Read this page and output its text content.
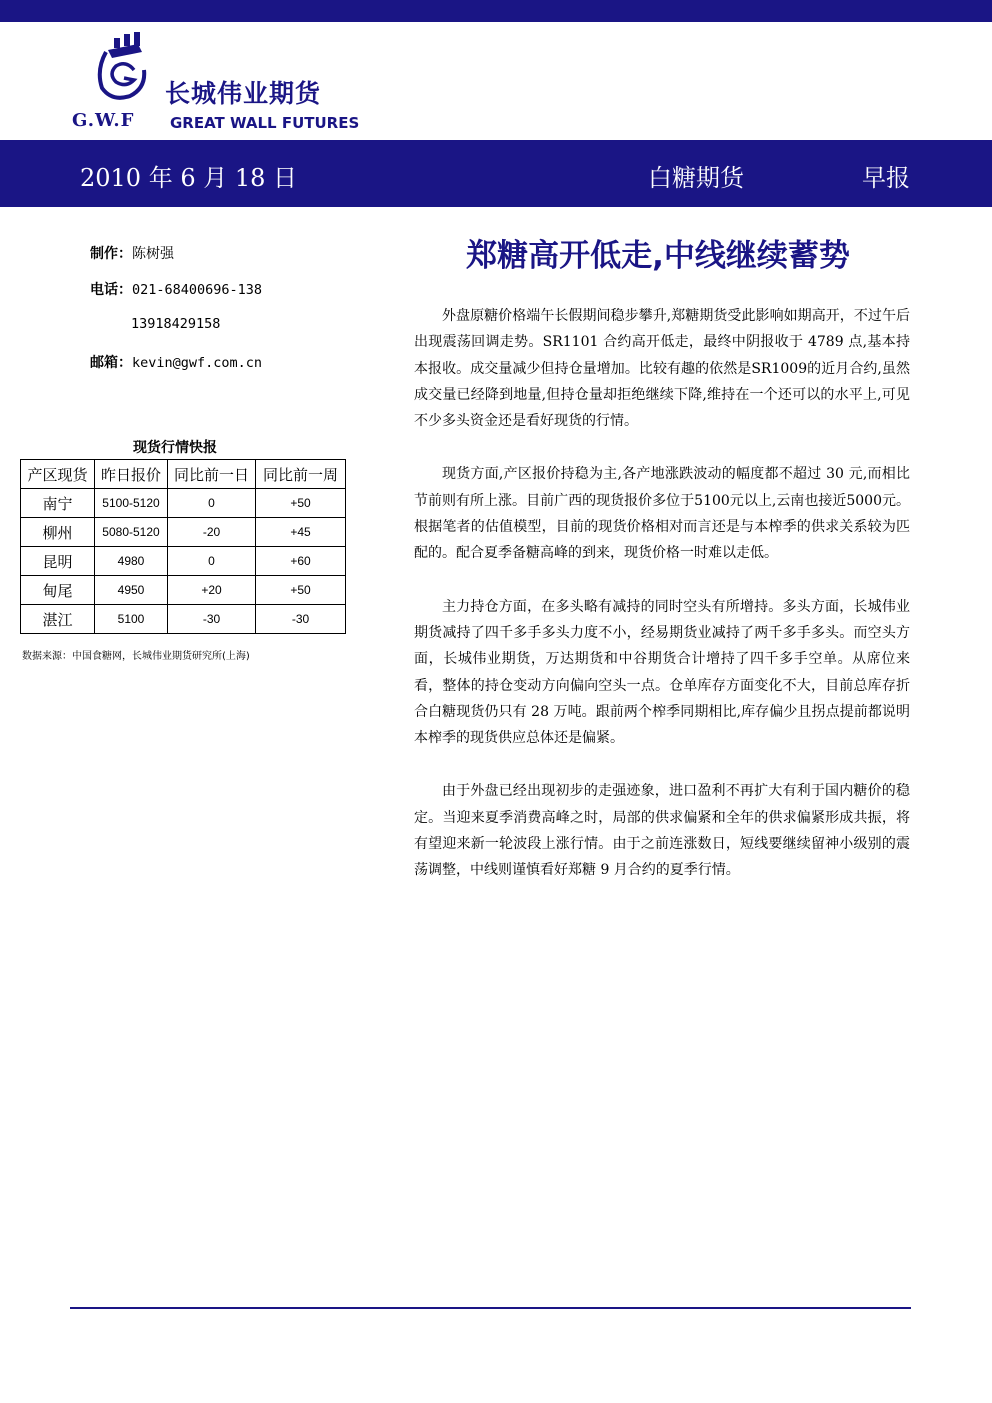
G.W.F
长城伟业期货
GREAT WALL FUTURES
2010 年 6 月 18 日	白糖期货	早报
制作：陈树强
电话：021-68400696-138
13918429158
邮箱：kevin@gwf.com.cn
郑糖高开低走,中线继续蓄势
现货行情快报
产区现货	昨日报价	同比前一日	同比前一周
南宁	5100-5120	0	+50
柳州	5080-5120	-20	+45
昆明	4980	0	+60
甸尾	4950	+20	+50
湛江	5100	-30	-30
数据来源：中国食糖网，长城伟业期货研究所(上海)

外盘原糖价格端午长假期间稳步攀升,郑糖期货受此影响如期高开，不过午后出现震荡回调走势。SR1101 合约高开低走，最终中阴报收于 4789 点,基本持本报收。成交量减少但持仓量增加。比较有趣的依然是SR1009的近月合约,虽然成交量已经降到地量,但持仓量却拒绝继续下降,维持在一个还可以的水平上,可见不少多头资金还是看好现货的行情。

现货方面,产区报价持稳为主,各产地涨跌波动的幅度都不超过 30 元,而相比节前则有所上涨。目前广西的现货报价多位于5100元以上,云南也接近5000元。根据笔者的估值模型，目前的现货价格相对而言还是与本榨季的供求关系较为匹配的。配合夏季备糖高峰的到来，现货价格一时难以走低。

主力持仓方面，在多头略有减持的同时空头有所增持。多头方面，长城伟业期货减持了四千多手多头力度不小，经易期货业减持了两千多手多头。而空头方面，长城伟业期货，万达期货和中谷期货合计增持了四千多手空单。从席位来看，整体的持仓变动方向偏向空头一点。仓单库存方面变化不大，目前总库存折合白糖现货仍只有 28 万吨。跟前两个榨季同期相比,库存偏少且拐点提前都说明本榨季的现货供应总体还是偏紧。

由于外盘已经出现初步的走强迹象，进口盈利不再扩大有利于国内糖价的稳定。当迎来夏季消费高峰之时，局部的供求偏紧和全年的供求偏紧形成共振，将有望迎来新一轮波段上涨行情。由于之前连涨数日，短线要继续留神小级别的震荡调整，中线则谨慎看好郑糖 9 月合约的夏季行情。
